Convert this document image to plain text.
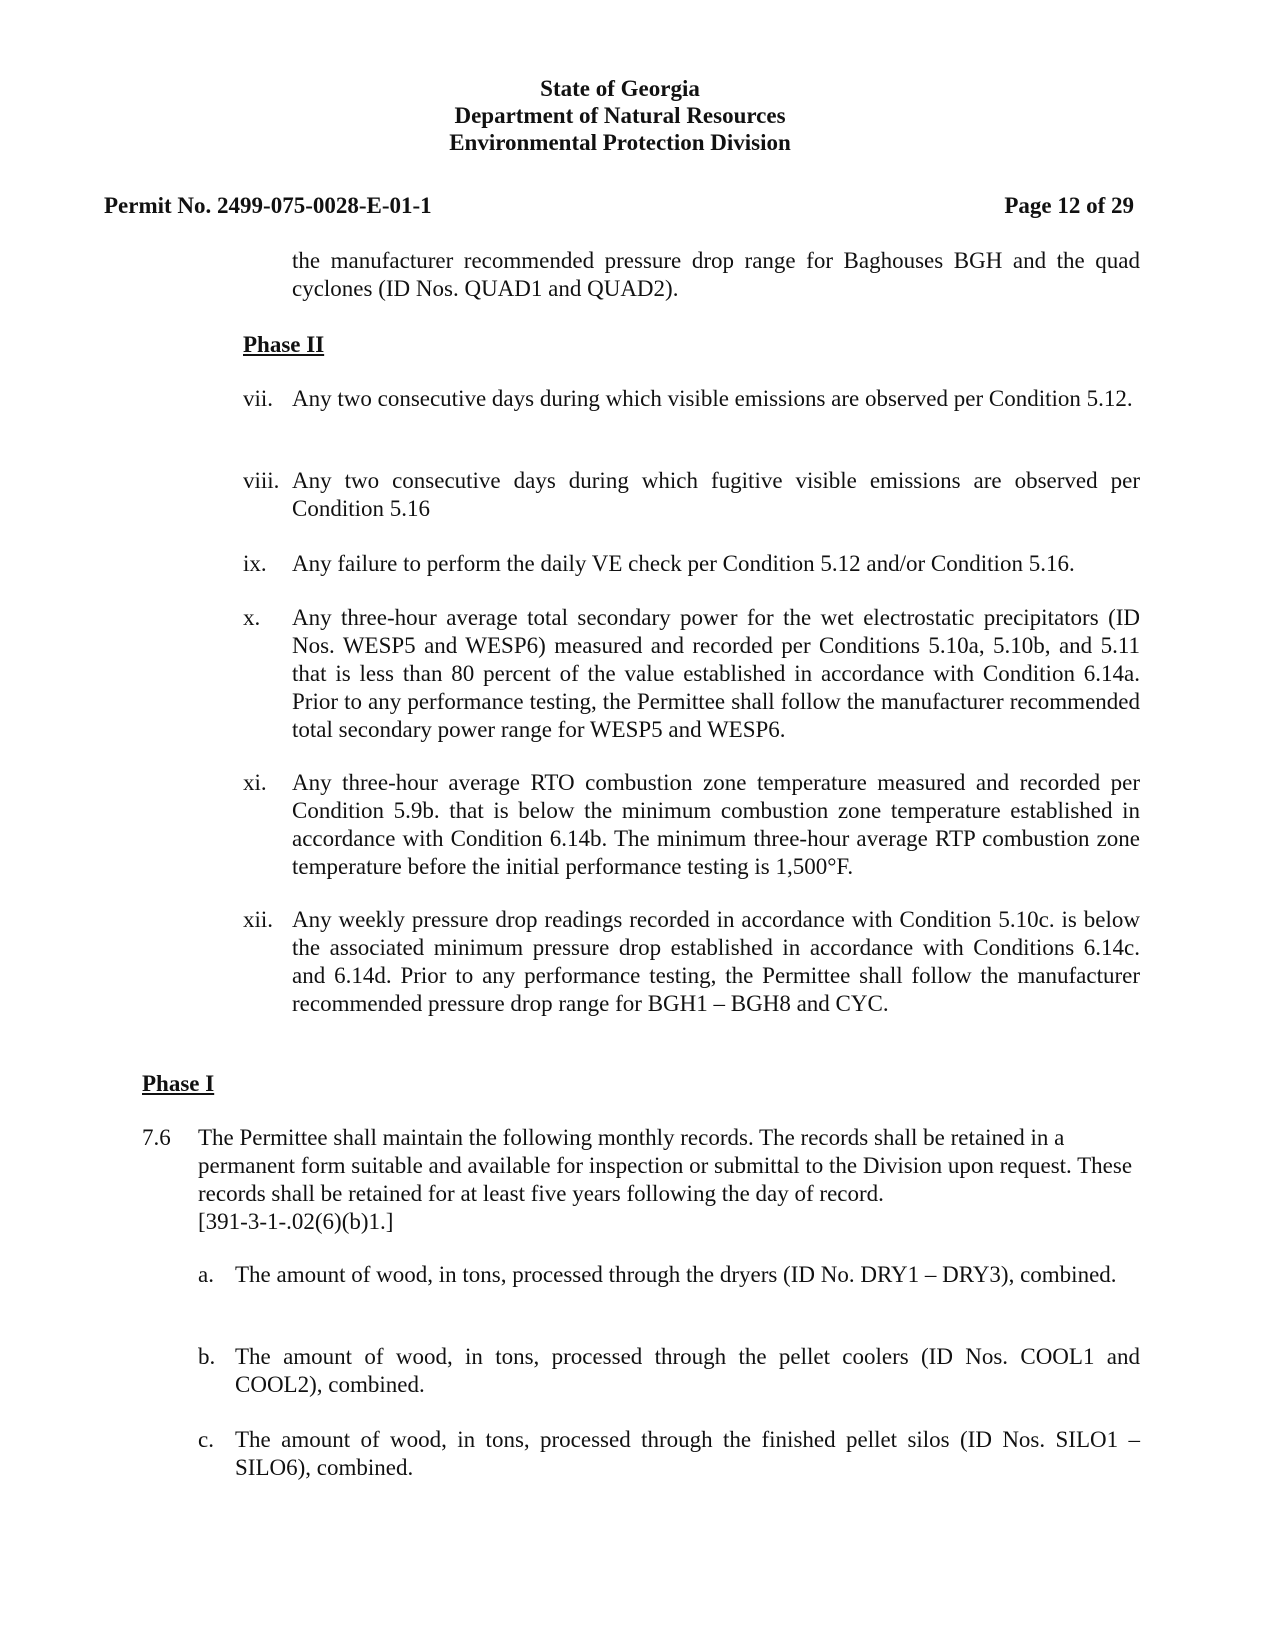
State of Georgia
Department of Natural Resources
Environmental Protection Division
Permit No. 2499-075-0028-E-01-1	Page 12 of 29
the manufacturer recommended pressure drop range for Baghouses BGH and the quad cyclones (ID Nos. QUAD1 and QUAD2).
Phase II
vii. Any two consecutive days during which visible emissions are observed per Condition 5.12.
viii. Any two consecutive days during which fugitive visible emissions are observed per Condition 5.16
ix. Any failure to perform the daily VE check per Condition 5.12 and/or Condition 5.16.
x. Any three-hour average total secondary power for the wet electrostatic precipitators (ID Nos. WESP5 and WESP6) measured and recorded per Conditions 5.10a, 5.10b, and 5.11 that is less than 80 percent of the value established in accordance with Condition 6.14a. Prior to any performance testing, the Permittee shall follow the manufacturer recommended total secondary power range for WESP5 and WESP6.
xi. Any three-hour average RTO combustion zone temperature measured and recorded per Condition 5.9b. that is below the minimum combustion zone temperature established in accordance with Condition 6.14b. The minimum three-hour average RTP combustion zone temperature before the initial performance testing is 1,500°F.
xii. Any weekly pressure drop readings recorded in accordance with Condition 5.10c. is below the associated minimum pressure drop established in accordance with Conditions 6.14c. and 6.14d. Prior to any performance testing, the Permittee shall follow the manufacturer recommended pressure drop range for BGH1 – BGH8 and CYC.
Phase I
7.6 The Permittee shall maintain the following monthly records. The records shall be retained in a permanent form suitable and available for inspection or submittal to the Division upon request. These records shall be retained for at least five years following the day of record.
[391-3-1-.02(6)(b)1.]
a. The amount of wood, in tons, processed through the dryers (ID No. DRY1 – DRY3), combined.
b. The amount of wood, in tons, processed through the pellet coolers (ID Nos. COOL1 and COOL2), combined.
c. The amount of wood, in tons, processed through the finished pellet silos (ID Nos. SILO1 – SILO6), combined.
